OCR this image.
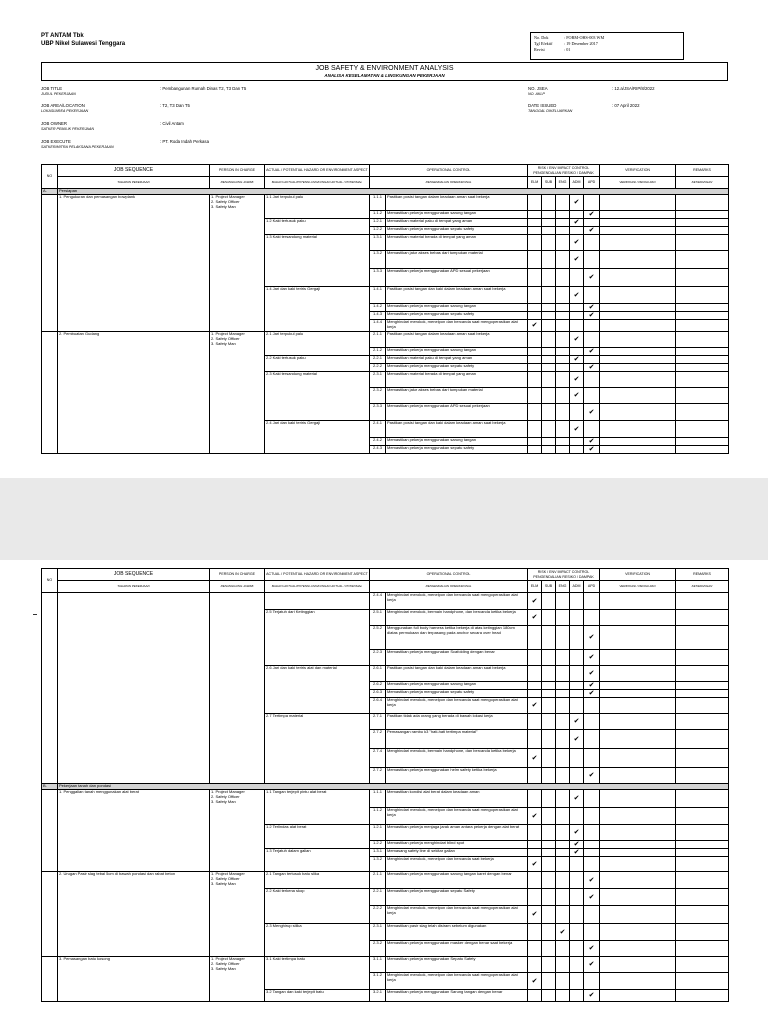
PT ANTAM Tbk
UBP Nikel Sulawesi Tenggara
No. Dok	: FORM-OHS-003 WM
Tgl Efektif	: 19 Desember 2017
Revisi	: 01
JOB SAFETY & ENVIRONMENT ANALYSIS
ANALISA KESELAMATAN & LINGKUNGAN PEKERJAAN
JOB TITLE
JUDUL PEKERJAAN
: Pembangunan Rumah Dinas T2, T3 Dan T5
JOB AREA/LOCATION
LOKASI/AREA PEKERJAAN
: T2, T3 Dan T5
JOB OWNER
SATKER PEMILIK PEKERJAAN
: Civil Antam
JOB EXECUTE
SATKER/MITRA PELAKSANA PEKERJAAN
: PT. Roda Indah Perkasa
NO. JSEA
NO. AKLP
: 12.a/JSA/RIP/8/2022
DATE ISSUED
TANGGAL DIKELUARKAN
: 07 April 2022
NO	JOB SEQUENCE	PERSON IN CHARGE	ACTUAL / POTENTIAL HAZARD OR ENVIRONMENT ASPECT	OPERATIONAL CONTROL		RISK / ENV IMPACT CONTROL PENGENDALIAN RESIKO / DAMPAK					VERIFICATION	REMARKS
	TAHAPAN PEKERJAAN	PENANGGUNG JAWAB	BAHAYA AKTUAL/POTENSI LINGKUNGAN AKTUAL / POTENSIAL	PENGENDALIAN OPERASIONAL		ELM	SUB	ENG	ADM	APD	VERIFIKASI / PENGUJIAN	KETERANGAN
A.	Persiapan											
	1. Pengukuran dan pemasangan bowplank	1. Project Manager
2. Safety Officer
3. Safety Man	1.1 Jari terpukul palu	1.1.1	Pastikan posisi tangan dalam keadaan aman saat bekerja				✔			
				1.1.2	Memastikan pekerja menggunakan sarung tangan					✔		
			1.2 Kaki tertusuk paku	1.2.1	Memastikan material paku di tempat yang aman				✔			
				1.2.2	Memastikan pekerja menggunakan sepatu safety					✔		
			1.3 Kaki tersandung material	1.3.1	Memastikan material berada di tempat yang aman				✔			
				1.3.2	Memastikan jalur akses bebas dari tumpukan material				✔			
				1.3.3	Memastikan pekerja menggunakan APD sesuai pekerjaan					✔		
			1.4 Jari dan kaki teriris Gergaji	1.4.1	Pastikan posisi tangan dan kaki dalam keadaan aman saat bekerja				✔			
				1.4.2	Memastikan pekerja menggunakan sarung tangan					✔		
				1.4.3	Memastikan pekerja menggunakan sepatu safety					✔		
				1.4.4	Menghindari merokok, menelpon dan bercanda saat mengoperasikan alat kerja	✔						
	2. Pembuatan Gudang	1. Project Manager
2. Safety Officer
3. Safety Man	2.1 Jari terpukul palu	2.1.1	Pastikan posisi tangan dalam keadaan aman saat bekerja				✔			
				2.1.2	Memastikan pekerja menggunakan sarung tangan					✔		
			2.2 Kaki tertusuk paku	2.2.1	Memastikan material paku di tempat yang aman				✔			
				2.2.2	Memastikan pekerja menggunakan sepatu safety					✔		
			2.3 Kaki tersandung material	2.3.1	Memastikan material berada di tempat yang aman				✔			
				2.3.2	Memastikan jalur akses bebas dari tumpukan material				✔			
				2.3.3	Memastikan pekerja menggunakan APD sesuai pekerjaan					✔		
			2.4 Jari dan kaki teriris Gergaji	2.4.1	Pastikan posisi tangan dan kaki dalam keadaan aman saat bekerja				✔			
				2.4.2	Memastikan pekerja menggunakan sarung tangan					✔		
				2.4.3	Memastikan pekerja menggunakan sepatu safety					✔		
NO	JOB SEQUENCE	PERSON IN CHARGE	ACTUAL / POTENTIAL HAZARD OR ENVIRONMENT ASPECT	OPERATIONAL CONTROL		RISK / ENV IMPACT CONTROL PENGENDALIAN RESIKO / DAMPAK					VERIFICATION	REMARKS
	TAHAPAN PEKERJAAN	PENANGGUNG JAWAB	BAHAYA AKTUAL/POTENSI LINGKUNGAN AKTUAL / POTENSIAL	PENGENDALIAN OPERASIONAL		ELM	SUB	ENG	ADM	APD	VERIFIKASI / PENGUJIAN	KETERANGAN
				2.4.4	Menghindari merokok, menelpon dan bercanda saat mengoperasikan alat kerja	✔						
			2.5 Terjatuh dari Ketinggian	2.5.1	Menghindari merokok, bermain handphone, dan bercanda ketika bekerja	✔						
				2.5.2	Menggunakan full body harness ketika bekerja di atas ketinggian 180cm diatas permukaan dan terpasang pada anchor secara over head					✔		
				2.2.3	Memastikan pekerja menggunakan Scafolding dengan benar					✔		
			2.6 Jari dan kaki teriris alat dan material	2.6.1	Pastikan posisi tangan dan kaki dalam keadaan aman saat bekerja					✔		
				2.6.2	Memastikan pekerja menggunakan sarung tangan					✔		
				2.6.3	Memastikan pekerja menggunakan sepatu safety					✔		
				2.6.4	Menghindari merokok, menelpon dan bercanda saat mengoperasikan alat kerja	✔						
			2.7 Tertimpa material	2.7.1	Pastikan tidak ada orang yang berada di bawah lokasi kerja				✔			
				2.7.2	Pemasangan rambu k3 "hati-hati tertimpa material"				✔			
				2.7.4	Menghindari merokok, bermain handphone, dan bercanda ketika bekerja	✔						
				2.7.2	Memastikan pekerja menggunakan helm safety ketika bekerja					✔		
B.	Pekerjaan tanah dan pondasi											
	1. Penggalian tanah menggunakan alat berat	1. Project Manager
2. Safety Officer
3. Safety Man	1.1 Tangan terjepit pintu alat berat	1.1.1	Memastikan kondisi alat berat dalam keadaan aman				✔			
				1.1.2	Menghindari merokok, menelpon dan bercanda saat mengoperasikan alat kerja	✔						
			1.2 Terlindas alat berat	1.2.1	Memastikan pekerja menjaga jarak aman antara pekerja dengan alat berat				✔			
				1.2.2	Memastikan pekerja menghindari blind spot				✔			
			1.3 Terjatuh dalam galian	1.3.1	Memasang safety line di sekitar galian				✔			
				1.3.2	Menghindari merokok, menelpon dan bercanda saat bekerja	✔						
	2. Urugan Pasir slag tebal 5cm di bawah pondasi dan rabat beton	1. Project Manager
2. Safety Officer
3. Safety Man	2.1 Tangan tertusuk batu slika	2.1.1	Memastikan pekerja menggunakan sarung tangan karet dengan benar					✔		
			2.2 Kaki terkena skop	2.2.1	Memastikan pekerja menggunakan sepatu Safety					✔		
				2.2.2	Menghindari merokok, menelpon dan bercanda saat mengoperasikan alat kerja	✔						
			2.3 Menghirup silika	2.3.1	Memastikan pasir slag telah disiram sebelum digunakan			✔				
				2.3.2	Memastikan pekerja menggunakan masker dengan benar saat bekerja					✔		
	3. Pemasangan batu kosong	1. Project Manager
2. Safety Officer
3. Safety Man	3.1 Kaki tertimpa batu	3.1.1	Memastikan pekerja menggunakan Sepatu Safety					✔		
				3.1.2	Menghindari merokok, menelpon dan bercanda saat mengoperasikan alat kerja	✔						
			3.2 Tangan dan kaki terjepit batu	3.2.1	Memastikan pekerja menggunakan Sarung tangan dengan benar					✔		
